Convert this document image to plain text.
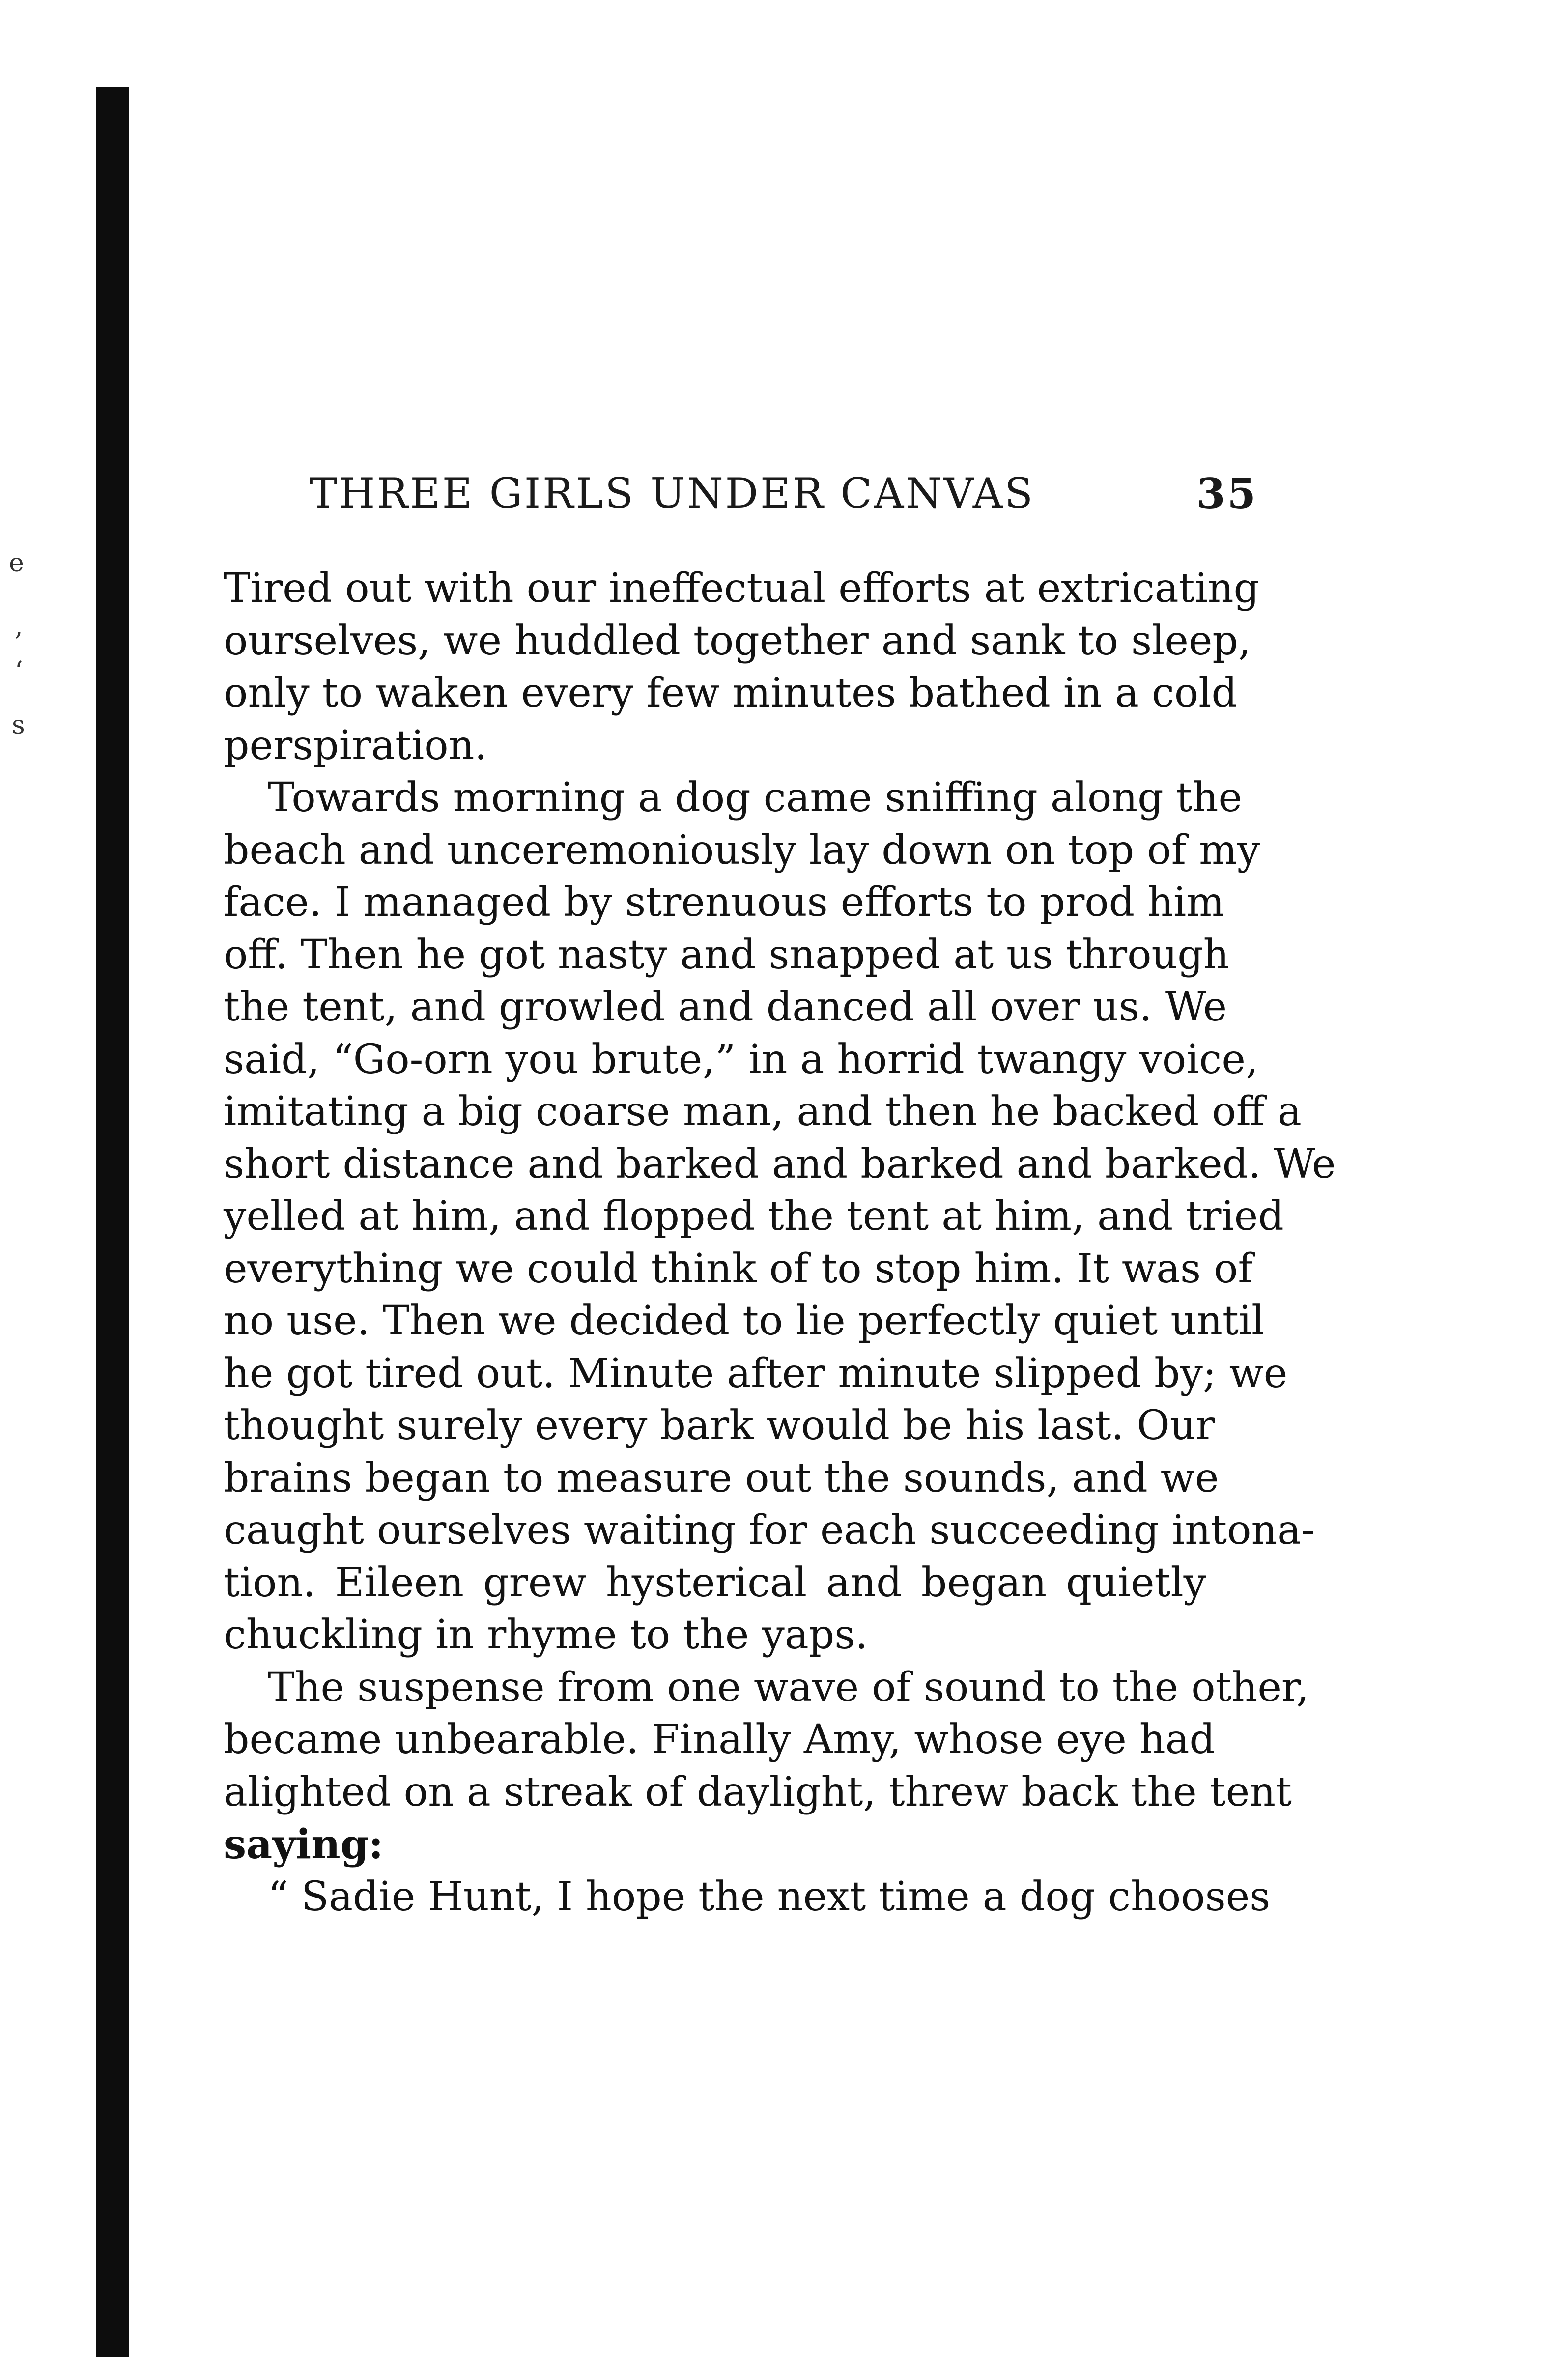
e
,
‘
s
THREE GIRLS UNDER CANVAS	35
Tired out with our ineffectual efforts at extricating
ourselves, we huddled together and sank to sleep,
only to waken every few minutes bathed in a cold
perspiration.
Towards morning a dog came sniffing along the
beach and unceremoniously lay down on top of my
face. I managed by strenuous efforts to prod him
off. Then he got nasty and snapped at us through
the tent, and growled and danced all over us. We
said, “Go-orn you brute,” in a horrid twangy voice,
imitating a big coarse man, and then he backed off a
short distance and barked and barked and barked. We
yelled at him, and flopped the tent at him, and tried
everything we could think of to stop him. It was of
no use. Then we decided to lie perfectly quiet until
he got tired out. Minute after minute slipped by; we
thought surely every bark would be his last. Our
brains began to measure out the sounds, and we
caught ourselves waiting for each succeeding intona-
tion. Eileen grew hysterical and began quietly
chuckling in rhyme to the yaps.
The suspense from one wave of sound to the other,
became unbearable. Finally Amy, whose eye had
alighted on a streak of daylight, threw back the tent
saying:
“ Sadie Hunt, I hope the next time a dog chooses
